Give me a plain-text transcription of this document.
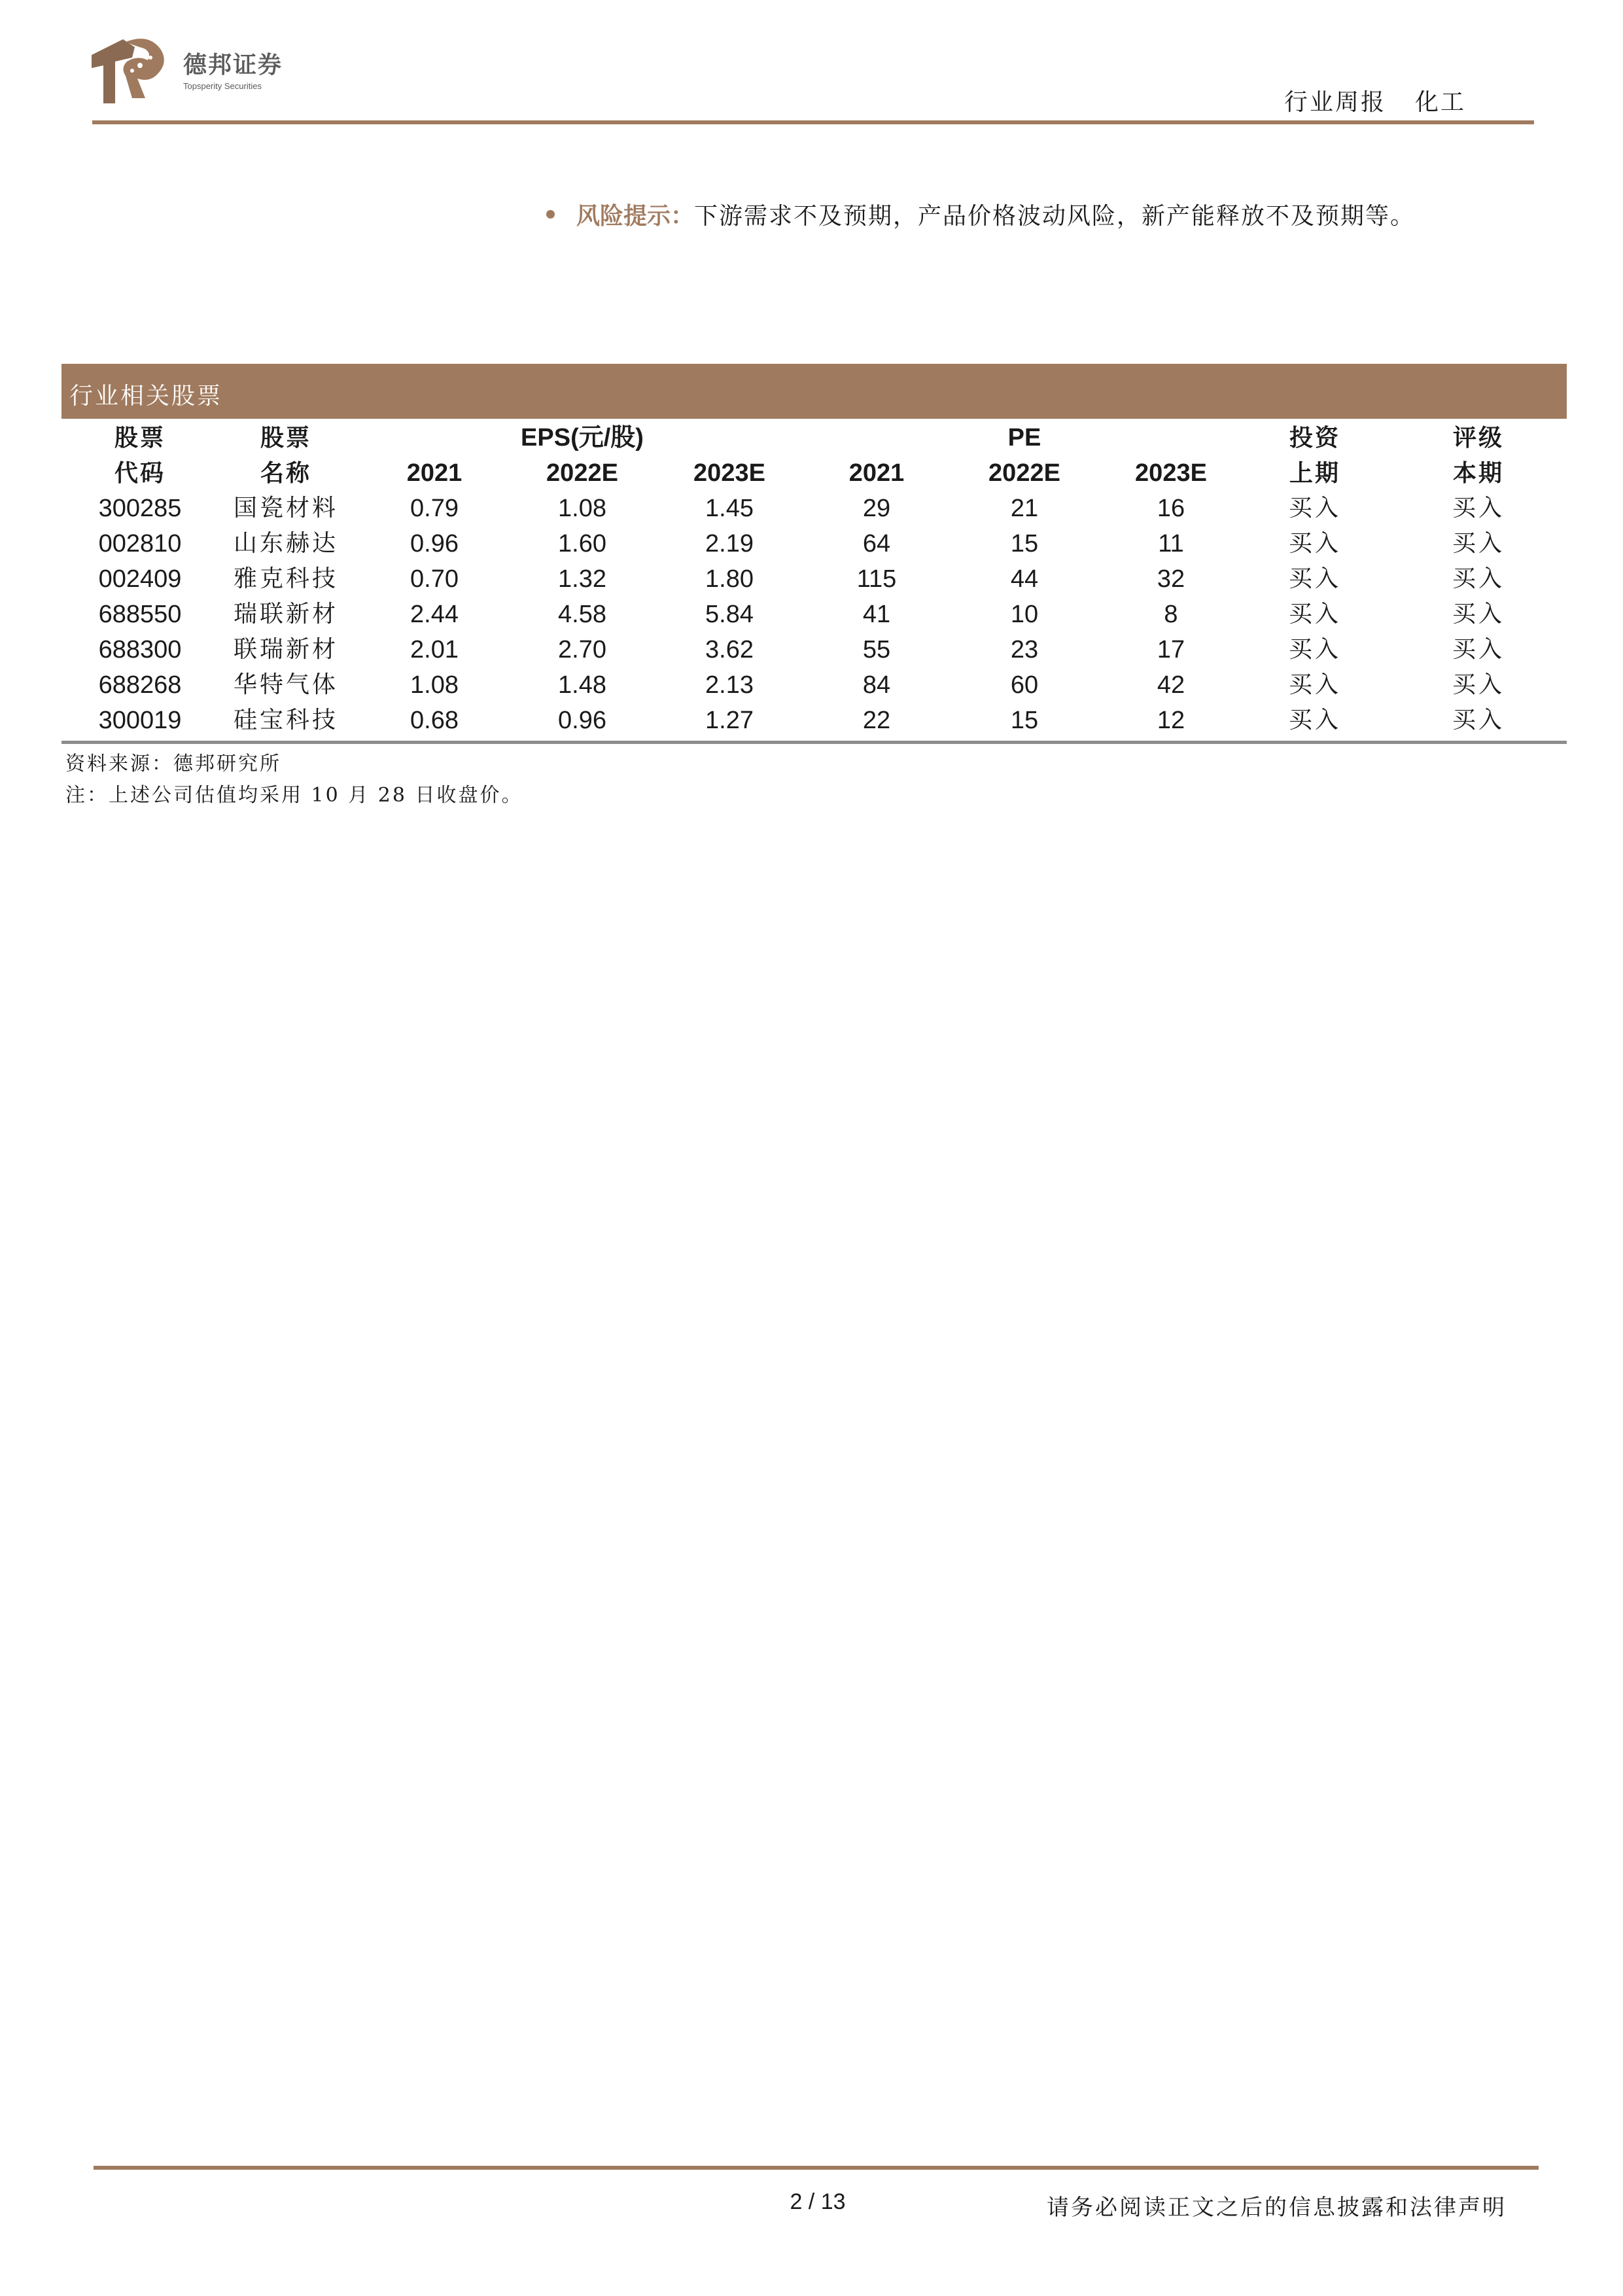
德邦证券
Topsperity Securities
行业周报 化工
风险提示： 下游需求不及预期，产品价格波动风险，新产能释放不及预期等。
行业相关股票
股票	股票	EPS(元/股)	PE	投资	评级
代码	名称	2021	2022E	2023E	2021	2022E	2023E	上期	本期
300285	国瓷材料	0.79	1.08	1.45	29	21	16	买入	买入
002810	山东赫达	0.96	1.60	2.19	64	15	11	买入	买入
002409	雅克科技	0.70	1.32	1.80	115	44	32	买入	买入
688550	瑞联新材	2.44	4.58	5.84	41	10	8	买入	买入
688300	联瑞新材	2.01	2.70	3.62	55	23	17	买入	买入
688268	华特气体	1.08	1.48	2.13	84	60	42	买入	买入
300019	硅宝科技	0.68	0.96	1.27	22	15	12	买入	买入
资料来源：德邦研究所
注：上述公司估值均采用 10 月 28 日收盘价。
2 / 13	请务必阅读正文之后的信息披露和法律声明
